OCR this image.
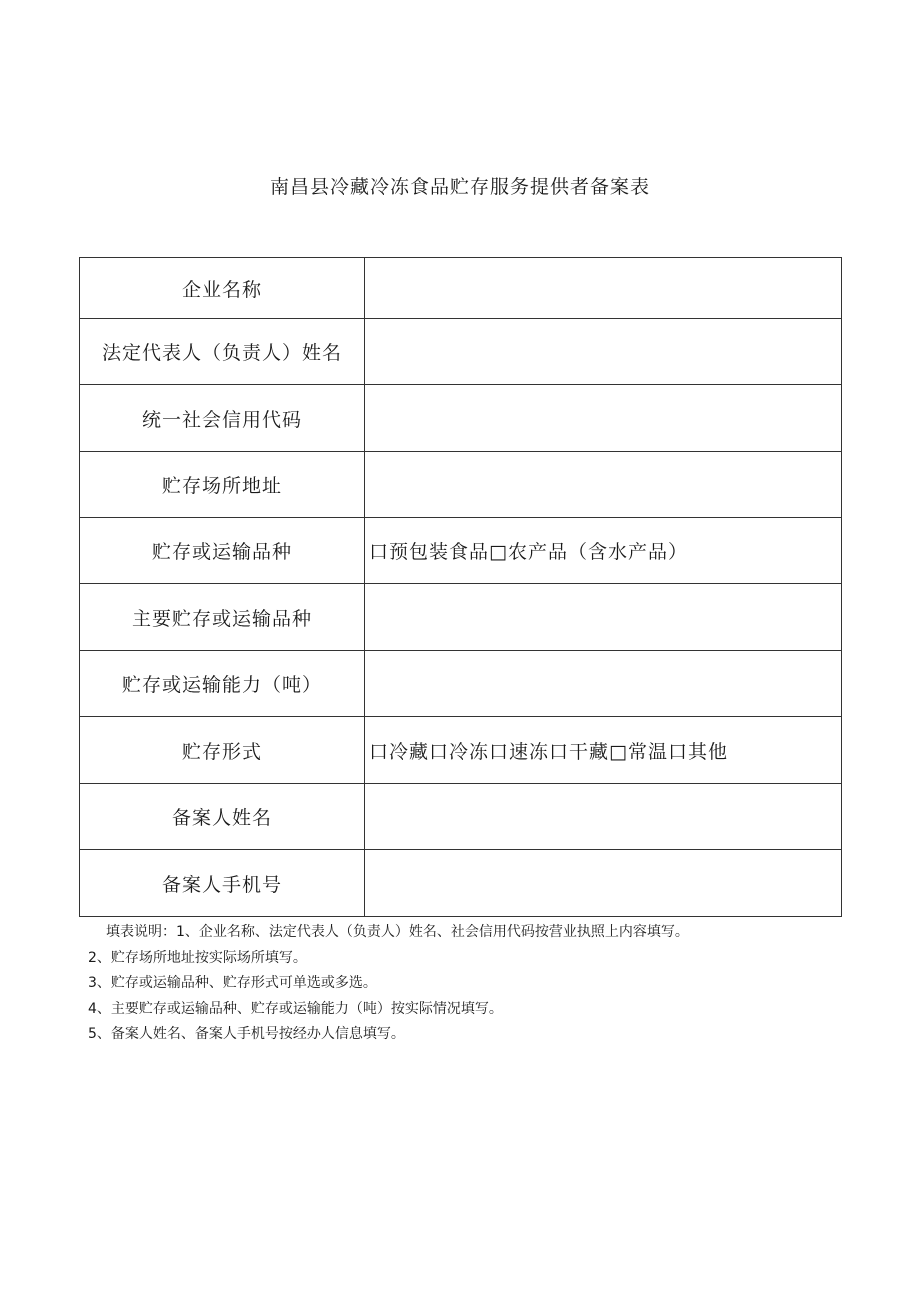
南昌县冷藏冷冻食品贮存服务提供者备案表
企业名称	
法定代表人（负责人）姓名	
统一社会信用代码	
贮存场所地址	
贮存或运输品种	口预包装食品□农产品（含水产品）
主要贮存或运输品种	
贮存或运输能力（吨）	
贮存形式	口冷藏口冷冻口速冻口干藏□常温口其他
备案人姓名	
备案人手机号	
填表说明：1、企业名称、法定代表人（负责人）姓名、社会信用代码按营业执照上内容填写。
2、贮存场所地址按实际场所填写。
3、贮存或运输品种、贮存形式可单选或多选。
4、主要贮存或运输品种、贮存或运输能力（吨）按实际情况填写。
5、备案人姓名、备案人手机号按经办人信息填写。
